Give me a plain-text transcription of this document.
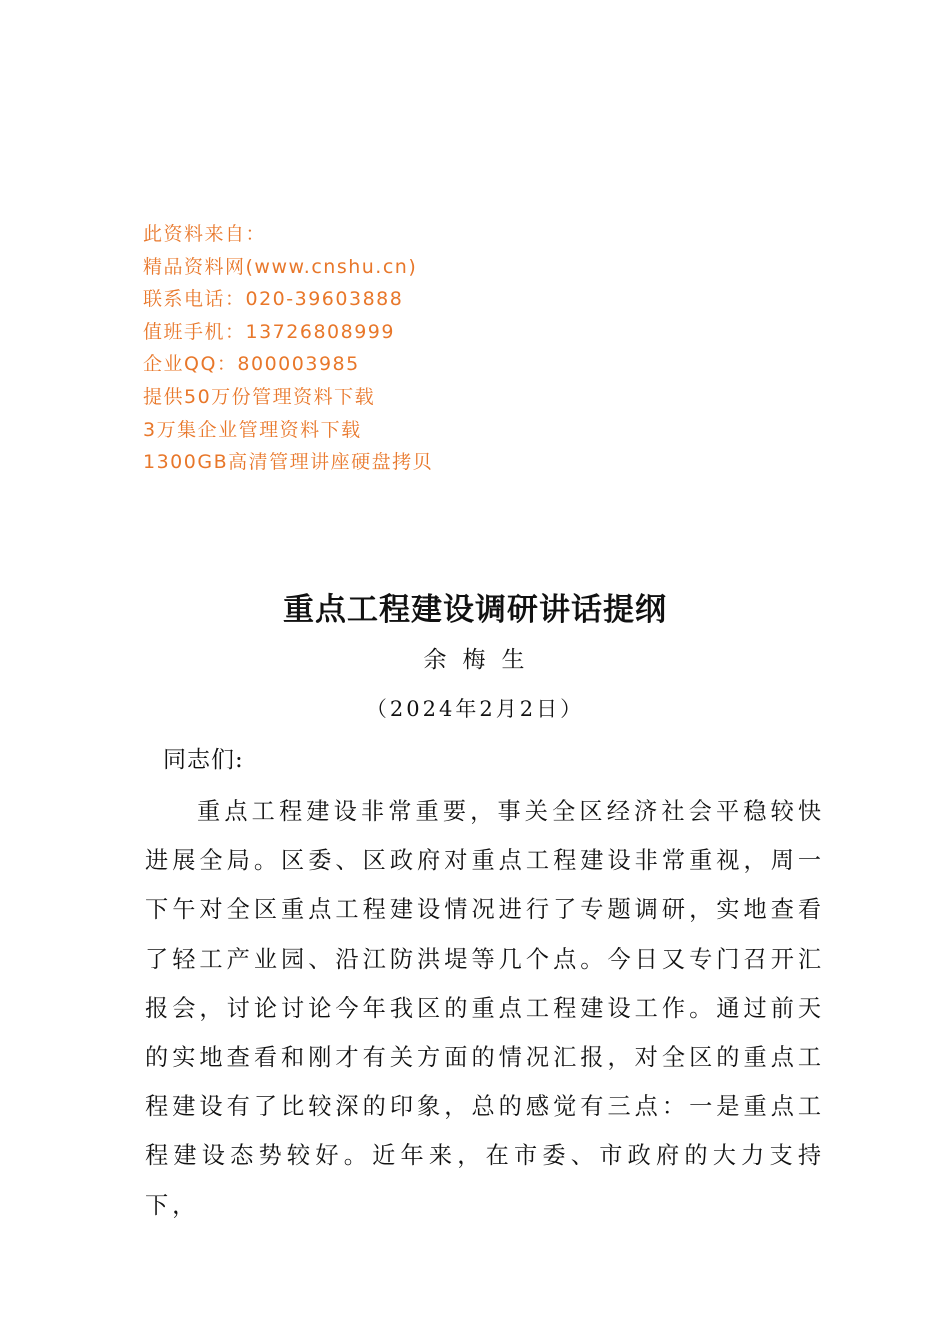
此资料来自：
精品资料网(www.cnshu.cn)
联系电话：020-39603888
值班手机：13726808999
企业QQ：800003985
提供50万份管理资料下载
3万集企业管理资料下载
1300GB高清管理讲座硬盘拷贝
重点工程建设调研讲话提纲
余梅生
（2024年2月2日）
同志们:

重点工程建设非常重要，事关全区经济社会平稳较快进展全局。区委、区政府对重点工程建设非常重视，周一下午对全区重点工程建设情况进行了专题调研，实地查看了轻工产业园、沿江防洪堤等几个点。今日又专门召开汇报会，讨论讨论今年我区的重点工程建设工作。通过前天的实地查看和刚才有关方面的情况汇报，对全区的重点工程建设有了比较深的印象，总的感觉有三点：一是重点工程建设态势较好。近年来，在市委、市政府的大力支持下，
